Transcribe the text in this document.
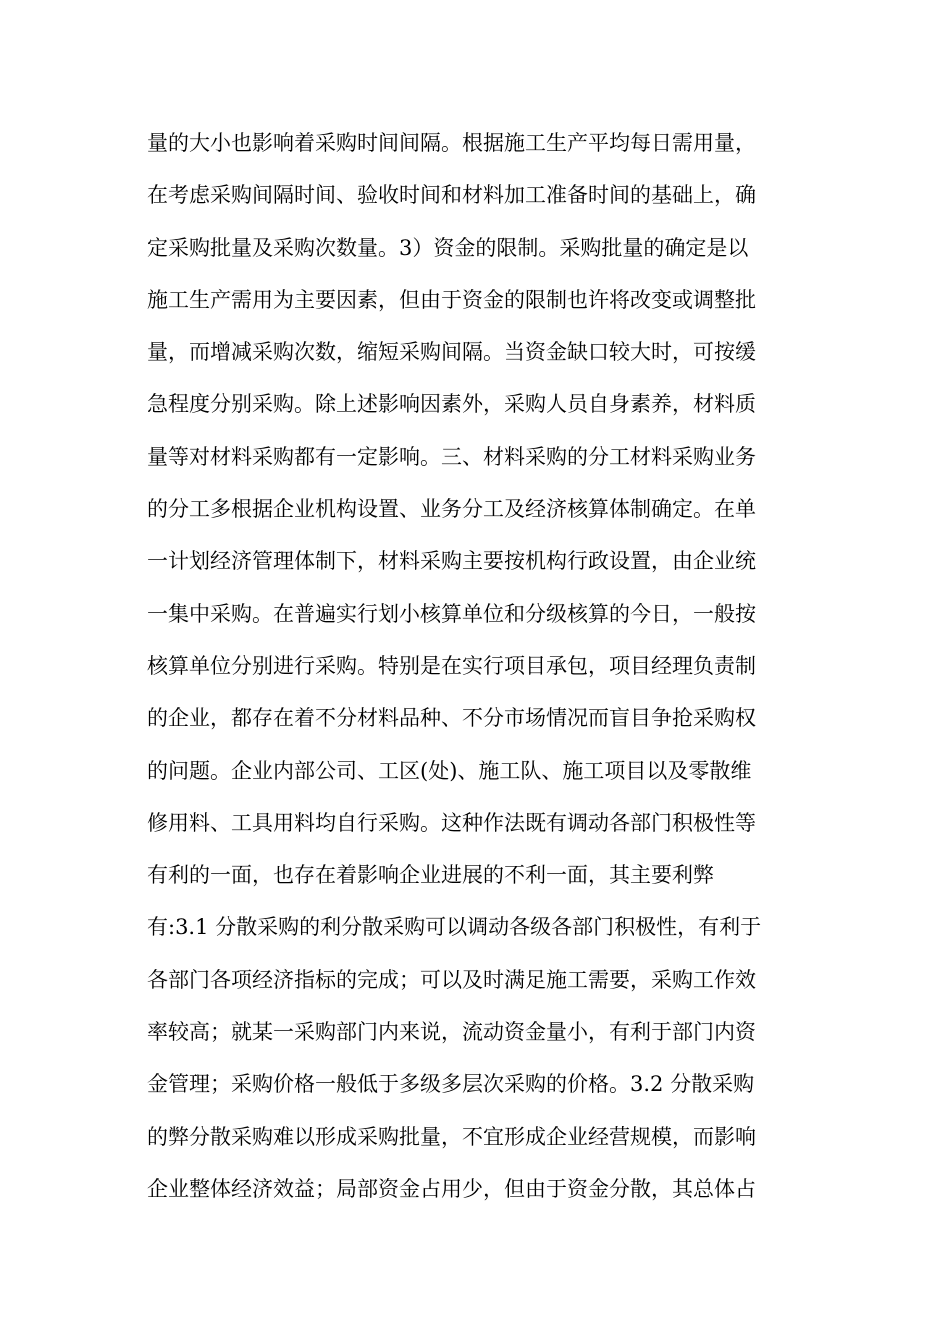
量的大小也影响着采购时间间隔。根据施工生产平均每日需用量，
在考虑采购间隔时间、验收时间和材料加工准备时间的基础上，确
定采购批量及采购次数量。3）资金的限制。采购批量的确定是以
施工生产需用为主要因素，但由于资金的限制也许将改变或调整批
量，而增减采购次数，缩短采购间隔。当资金缺口较大时，可按缓
急程度分别采购。除上述影响因素外，采购人员自身素养，材料质
量等对材料采购都有一定影响。三、材料采购的分工材料采购业务
的分工多根据企业机构设置、业务分工及经济核算体制确定。在单
一计划经济管理体制下，材料采购主要按机构行政设置，由企业统
一集中采购。在普遍实行划小核算单位和分级核算的今日，一般按
核算单位分别进行采购。特别是在实行项目承包，项目经理负责制
的企业，都存在着不分材料品种、不分市场情况而盲目争抢采购权
的问题。企业内部公司、工区(处)、施工队、施工项目以及零散维
修用料、工具用料均自行采购。这种作法既有调动各部门积极性等
有利的一面，也存在着影响企业进展的不利一面，其主要利弊
有:3.1 分散采购的利分散采购可以调动各级各部门积极性，有利于
各部门各项经济指标的完成；可以及时满足施工需要，采购工作效
率较高；就某一采购部门内来说，流动资金量小，有利于部门内资
金管理；采购价格一般低于多级多层次采购的价格。3.2 分散采购
的弊分散采购难以形成采购批量，不宜形成企业经营规模，而影响
企业整体经济效益；局部资金占用少，但由于资金分散，其总体占
